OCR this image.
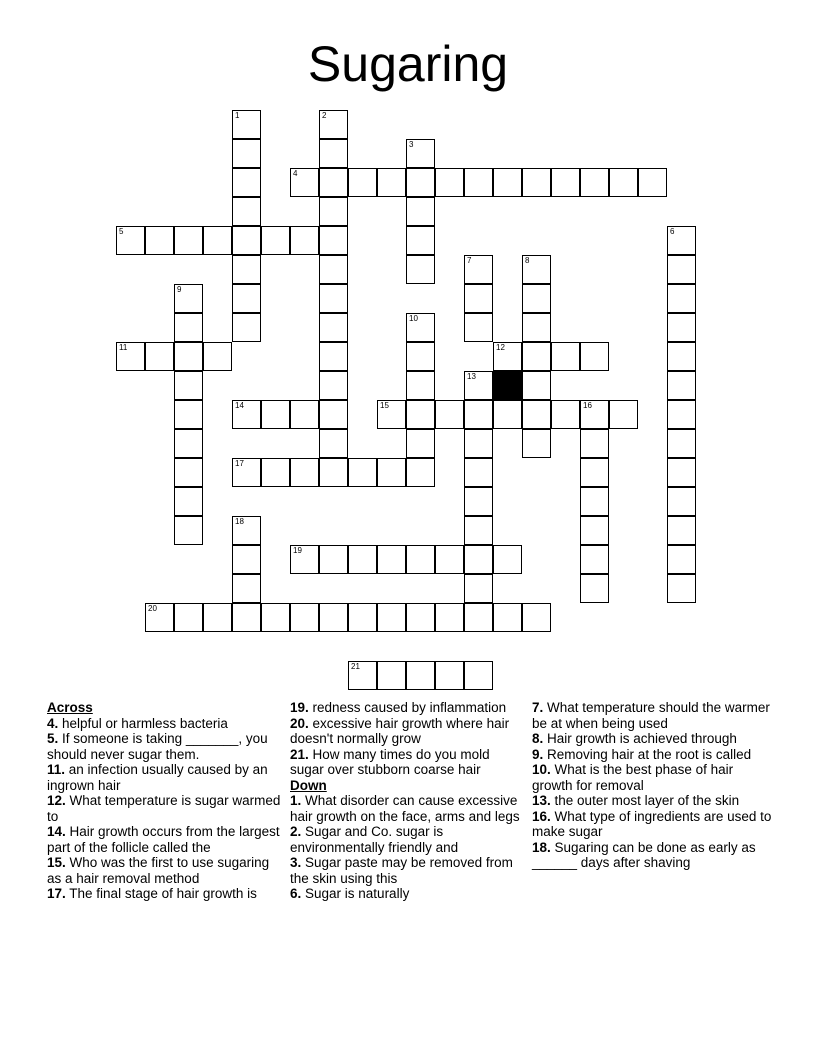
Sugaring
1	2
3
4
5	6
7	8
9
10
11	12
13
14	15	16
17
18
19
20
21
Across
4. helpful or harmless bacteria
5. If someone is taking _______, you should never sugar them.
11. an infection usually caused by an ingrown hair
12. What temperature is sugar warmed to
14. Hair growth occurs from the largest part of the follicle called the
15. Who was the first to use sugaring as a hair removal method
17. The final stage of hair growth is
19. redness caused by inflammation
20. excessive hair growth where hair doesn't normally grow
21. How many times do you mold sugar over stubborn coarse hair
Down
1. What disorder can cause excessive hair growth on the face, arms and legs
2. Sugar and Co. sugar is environmentally friendly and
3. Sugar paste may be removed from the skin using this
6. Sugar is naturally
7. What temperature should the warmer be at when being used
8. Hair growth is achieved through
9. Removing hair at the root is called
10. What is the best phase of hair growth for removal
13. the outer most layer of the skin
16. What type of ingredients are used to make sugar
18. Sugaring can be done as early as ______ days after shaving
